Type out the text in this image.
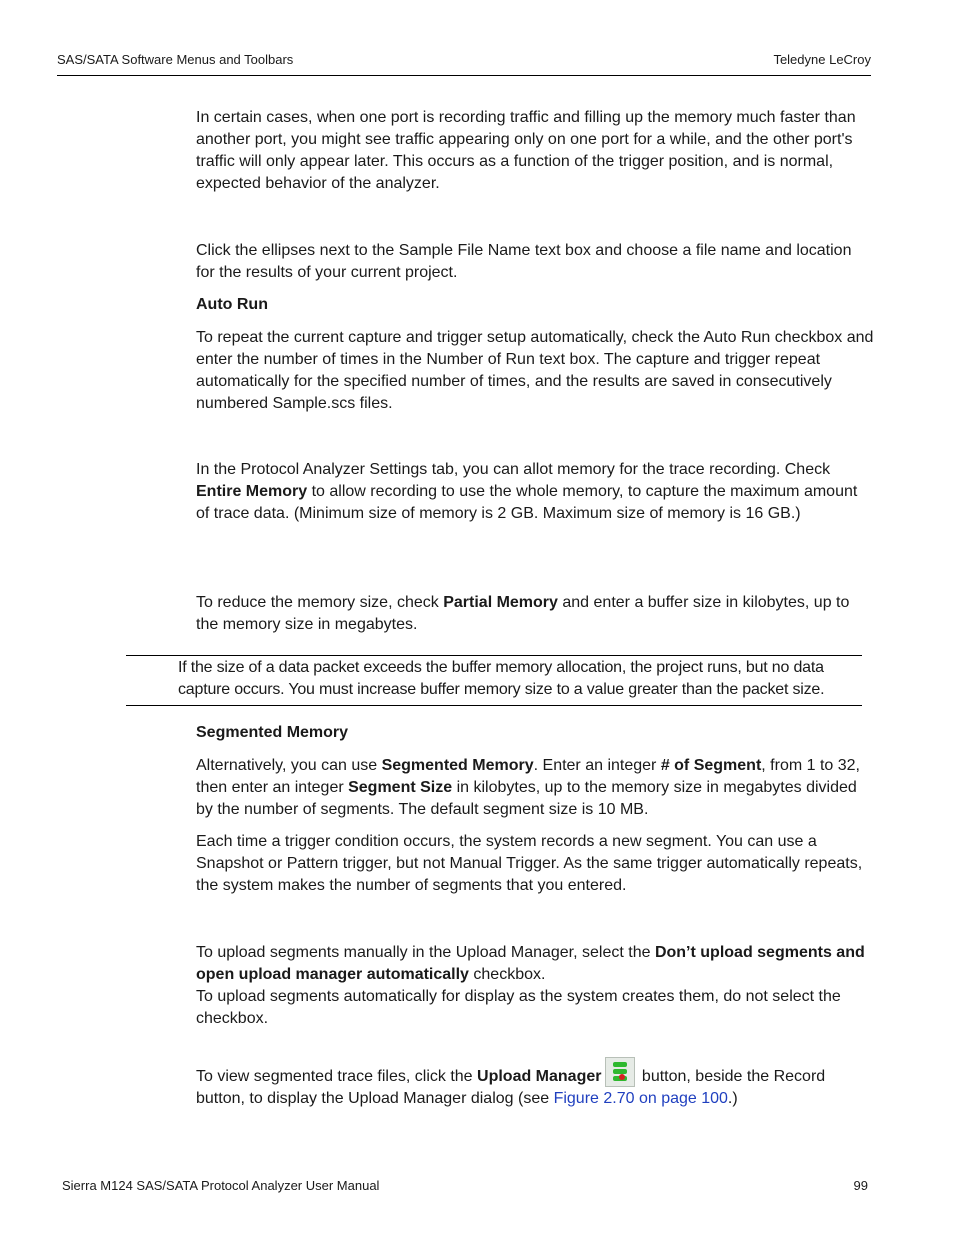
SAS/SATA Software Menus and Toolbars	Teledyne LeCroy

In certain cases, when one port is recording traffic and filling up the memory much faster than another port, you might see traffic appearing only on one port for a while, and the other port's traffic will only appear later. This occurs as a function of the trigger position, and is normal, expected behavior of the analyzer.

Click the ellipses next to the Sample File Name text box and choose a file name and location for the results of your current project.

Auto Run

To repeat the current capture and trigger setup automatically, check the Auto Run checkbox and enter the number of times in the Number of Run text box. The capture and trigger repeat automatically for the specified number of times, and the results are saved in consecutively numbered Sample.scs files.

In the Protocol Analyzer Settings tab, you can allot memory for the trace recording. Check Entire Memory to allow recording to use the whole memory, to capture the maximum amount of trace data. (Minimum size of memory is 2 GB. Maximum size of memory is 16 GB.)

To reduce the memory size, check Partial Memory and enter a buffer size in kilobytes, up to the memory size in megabytes.

If the size of a data packet exceeds the buffer memory allocation, the project runs, but no data capture occurs. You must increase buffer memory size to a value greater than the packet size.

Segmented Memory

Alternatively, you can use Segmented Memory. Enter an integer # of Segment, from 1 to 32, then enter an integer Segment Size in kilobytes, up to the memory size in megabytes divided by the number of segments. The default segment size is 10 MB.

Each time a trigger condition occurs, the system records a new segment. You can use a Snapshot or Pattern trigger, but not Manual Trigger. As the same trigger automatically repeats, the system makes the number of segments that you entered.

To upload segments manually in the Upload Manager, select the Don’t upload segments and open upload manager automatically checkbox.
To upload segments automatically for display as the system creates them, do not select the checkbox.

To view segmented trace files, click the Upload Manager
button, beside the Record button, to display the Upload Manager dialog (see Figure 2.70 on page 100.)

Sierra M124 SAS/SATA Protocol Analyzer User Manual	99
